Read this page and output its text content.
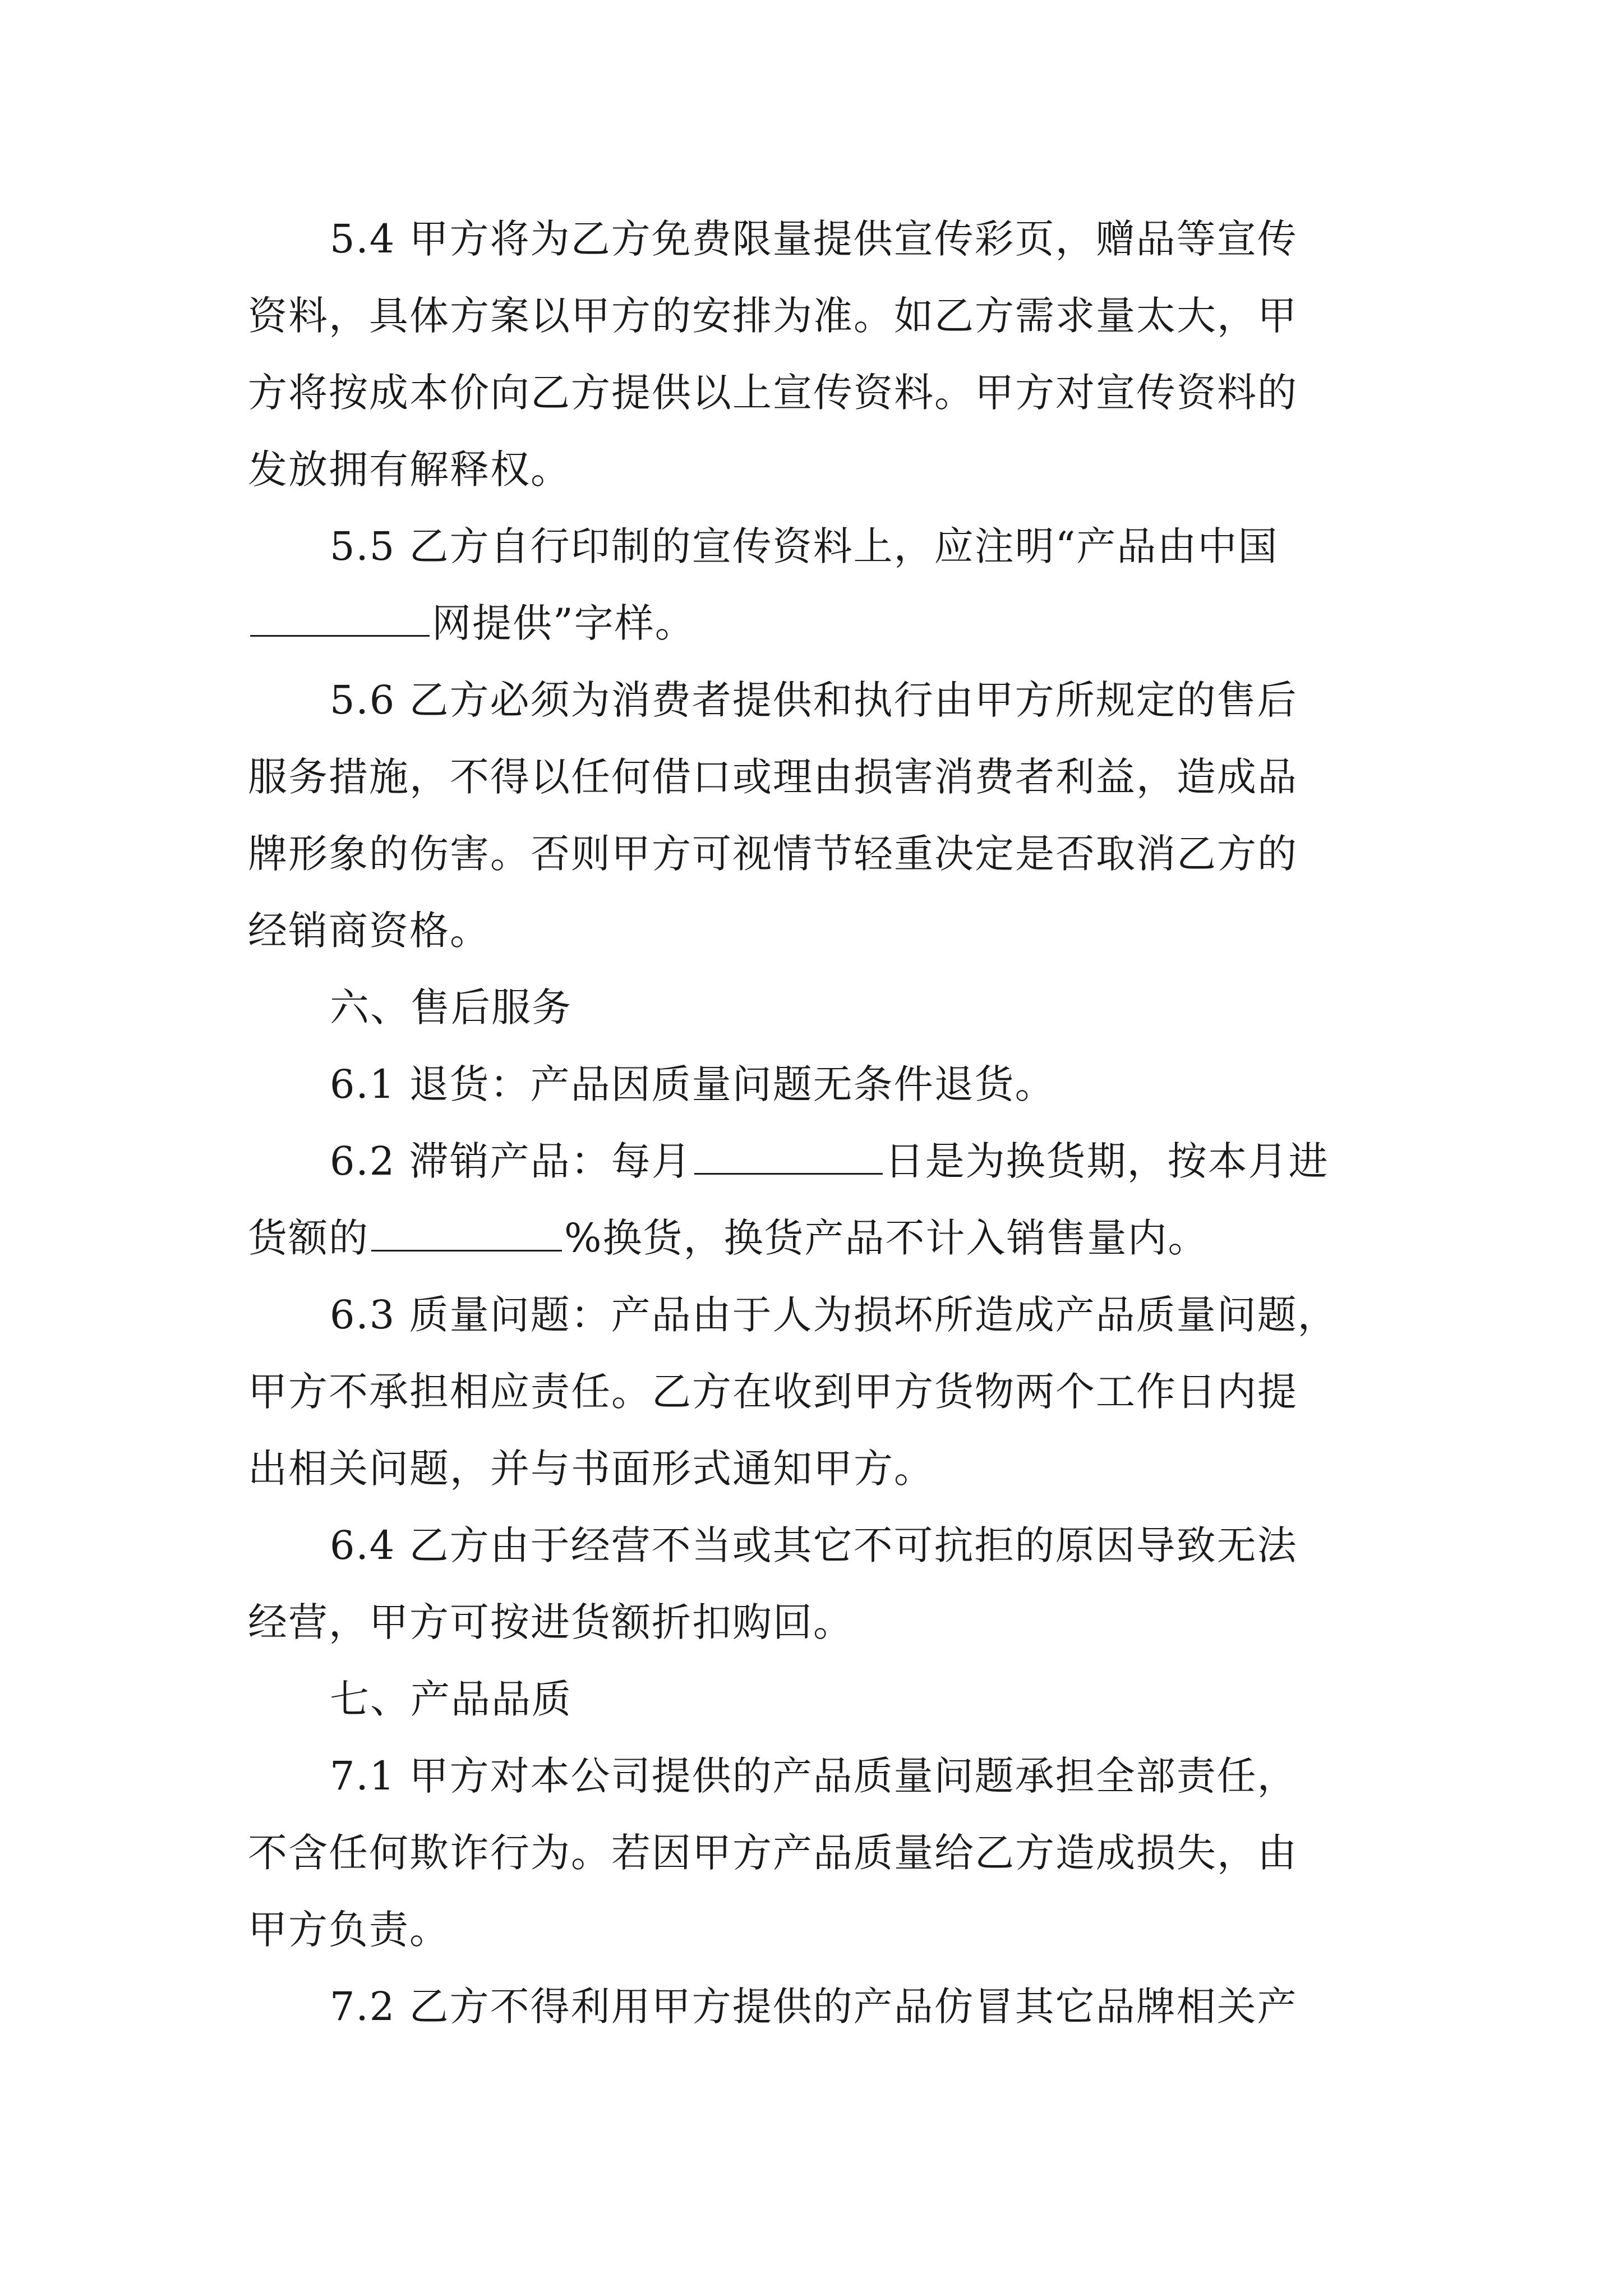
5.4 甲方将为乙方免费限量提供宣传彩页，赠品等宣传
资料，具体方案以甲方的安排为准。如乙方需求量太大，甲
方将按成本价向乙方提供以上宣传资料。甲方对宣传资料的
发放拥有解释权。
5.5 乙方自行印制的宣传资料上，应注明“产品由中国
网提供”字样。
5.6 乙方必须为消费者提供和执行由甲方所规定的售后
服务措施，不得以任何借口或理由损害消费者利益，造成品
牌形象的伤害。否则甲方可视情节轻重决定是否取消乙方的
经销商资格。
六、售后服务
6.1 退货：产品因质量问题无条件退货。
6.2 滞销产品：每月	日是为换货期，按本月进
货额的	%换货，换货产品不计入销售量内。
6.3 质量问题：产品由于人为损坏所造成产品质量问题，
甲方不承担相应责任。乙方在收到甲方货物两个工作日内提
出相关问题，并与书面形式通知甲方。
6.4 乙方由于经营不当或其它不可抗拒的原因导致无法
经营，甲方可按进货额折扣购回。
七、产品品质
7.1 甲方对本公司提供的产品质量问题承担全部责任，
不含任何欺诈行为。若因甲方产品质量给乙方造成损失，由
甲方负责。
7.2 乙方不得利用甲方提供的产品仿冒其它品牌相关产
